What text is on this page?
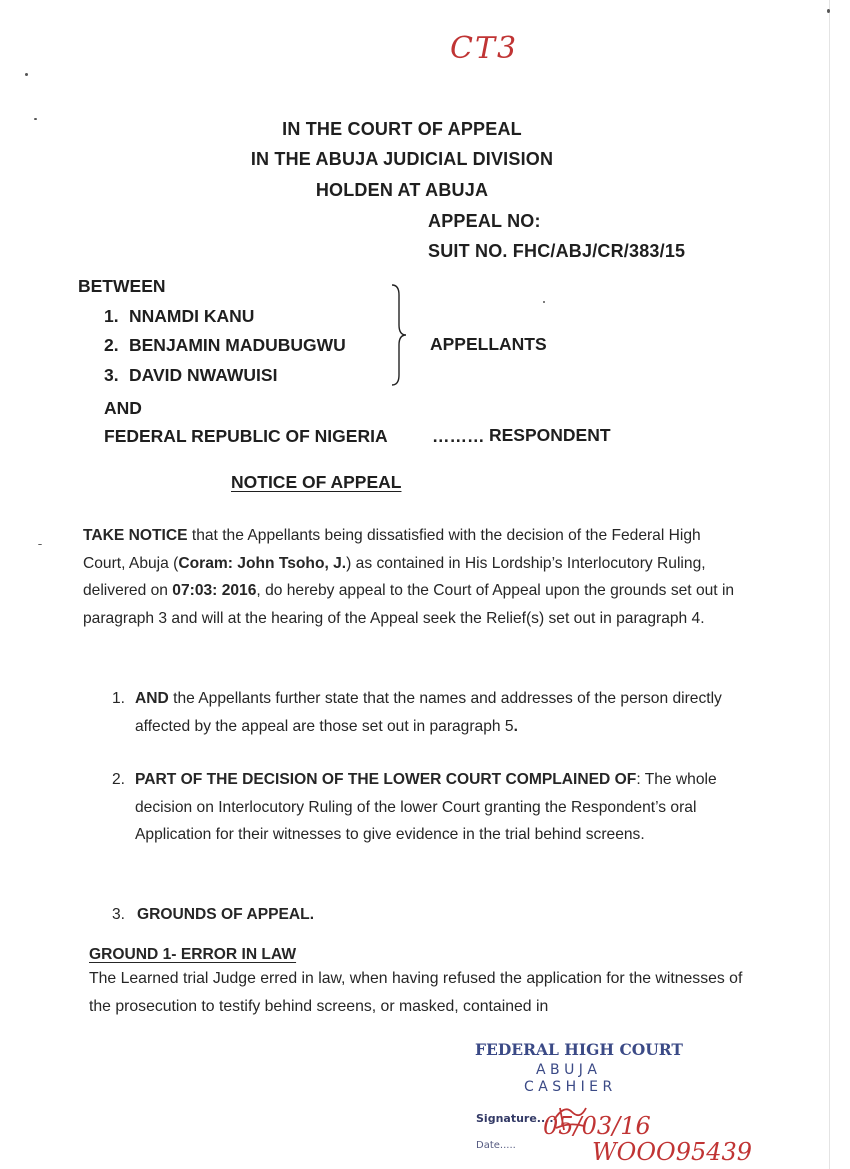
CT3
IN THE COURT OF APPEAL
IN THE ABUJA JUDICIAL DIVISION
HOLDEN AT ABUJA
APPEAL NO:
SUIT NO. FHC/ABJ/CR/383/15
BETWEEN
1. NNAMDI KANU
2. BENJAMIN MADUBUGWU
3. DAVID NWAWUISI
APPELLANTS
AND
FEDERAL REPUBLIC OF NIGERIA	……… RESPONDENT
NOTICE OF APPEAL
TAKE NOTICE that the Appellants being dissatisfied with the decision of the Federal High Court, Abuja (Coram: John Tsoho, J.) as contained in His Lordship’s Interlocutory Ruling, delivered on 07:03: 2016, do hereby appeal to the Court of Appeal upon the grounds set out in paragraph 3 and will at the hearing of the Appeal seek the Relief(s) set out in paragraph 4.
1. AND the Appellants further state that the names and addresses of the person directly affected by the appeal are those set out in paragraph 5.
2. PART OF THE DECISION OF THE LOWER COURT COMPLAINED OF: The whole decision on Interlocutory Ruling of the lower Court granting the Respondent’s oral Application for their witnesses to give evidence in the trial behind screens.
3. GROUNDS OF APPEAL.
GROUND 1- ERROR IN LAW
The Learned trial Judge erred in law, when having refused the application for the witnesses of the prosecution to testify behind screens, or masked, contained in
FEDERAL HIGH COURT
A B U J A
C A S H I E R
Signature....
Date.....
05/03/16
WOOO95439
